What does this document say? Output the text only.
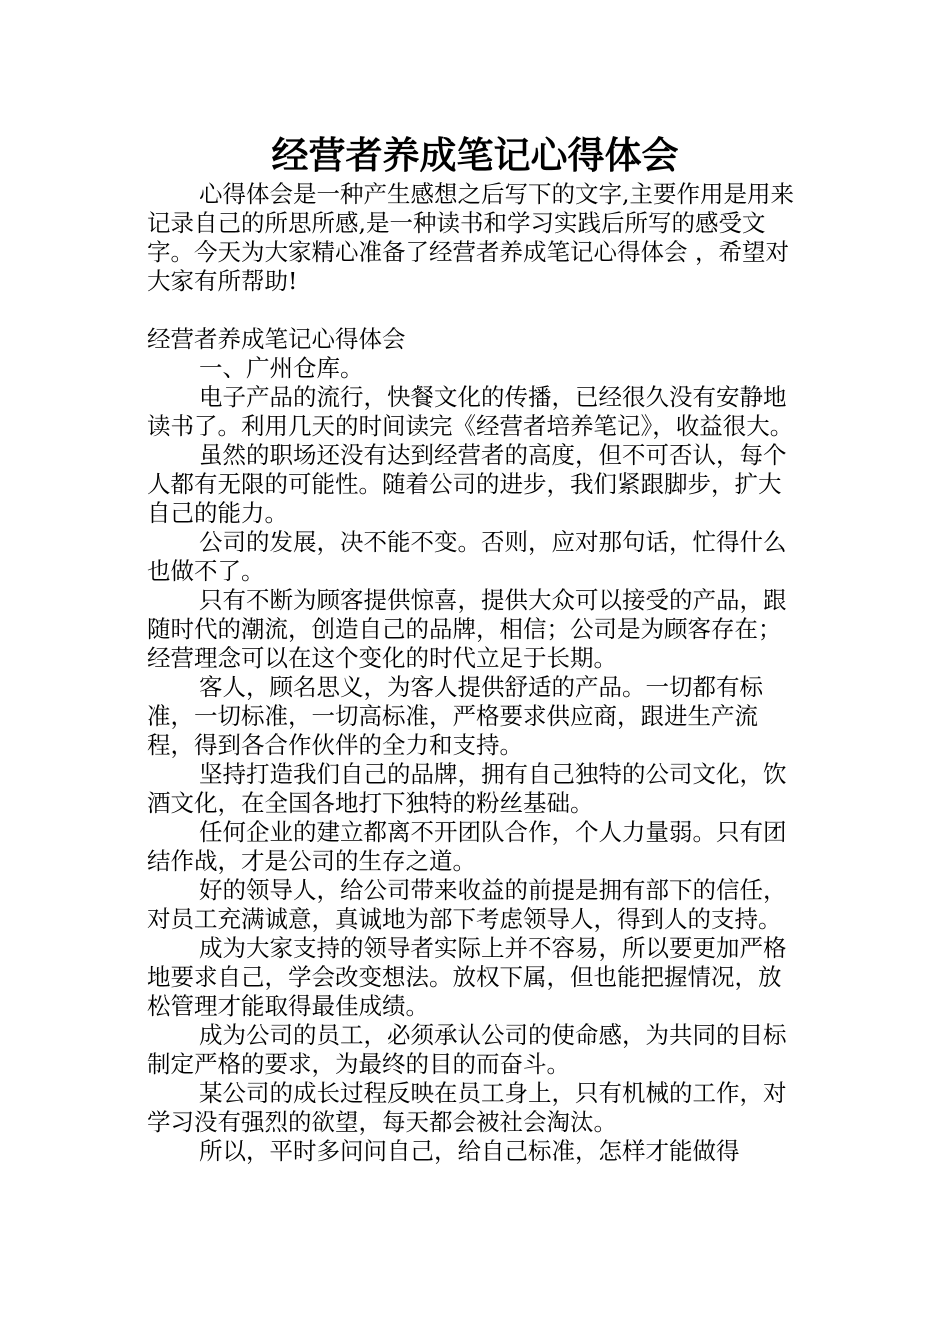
经营者养成笔记心得体会

心得体会是一种产生感想之后写下的文字,主要作用是用来记录自己的所思所感,是一种读书和学习实践后所写的感受文字。今天为大家精心准备了经营者养成笔记心得体会 ，希望对大家有所帮助!

经营者养成笔记心得体会

一、广州仓库。

电子产品的流行，快餐文化的传播，已经很久没有安静地读书了。利用几天的时间读完《经营者培养笔记》，收益很大。

虽然的职场还没有达到经营者的高度，但不可否认，每个人都有无限的可能性。随着公司的进步，我们紧跟脚步，扩大自己的能力。

公司的发展，决不能不变。否则，应对那句话，忙得什么也做不了。

只有不断为顾客提供惊喜，提供大众可以接受的产品，跟随时代的潮流，创造自己的品牌，相信；公司是为顾客存在；经营理念可以在这个变化的时代立足于长期。

客人，顾名思义，为客人提供舒适的产品。一切都有标准，一切标准，一切高标准，严格要求供应商，跟进生产流程，得到各合作伙伴的全力和支持。

坚持打造我们自己的品牌，拥有自己独特的公司文化，饮酒文化，在全国各地打下独特的粉丝基础。

任何企业的建立都离不开团队合作，个人力量弱。只有团结作战，才是公司的生存之道。

好的领导人，给公司带来收益的前提是拥有部下的信任，对员工充满诚意，真诚地为部下考虑领导人，得到人的支持。

成为大家支持的领导者实际上并不容易，所以要更加严格地要求自己，学会改变想法。放权下属，但也能把握情况，放松管理才能取得最佳成绩。

成为公司的员工，必须承认公司的使命感，为共同的目标制定严格的要求，为最终的目的而奋斗。

某公司的成长过程反映在员工身上，只有机械的工作，对学习没有强烈的欲望，每天都会被社会淘汰。

所以，平时多问问自己，给自己标准，怎样才能做得
